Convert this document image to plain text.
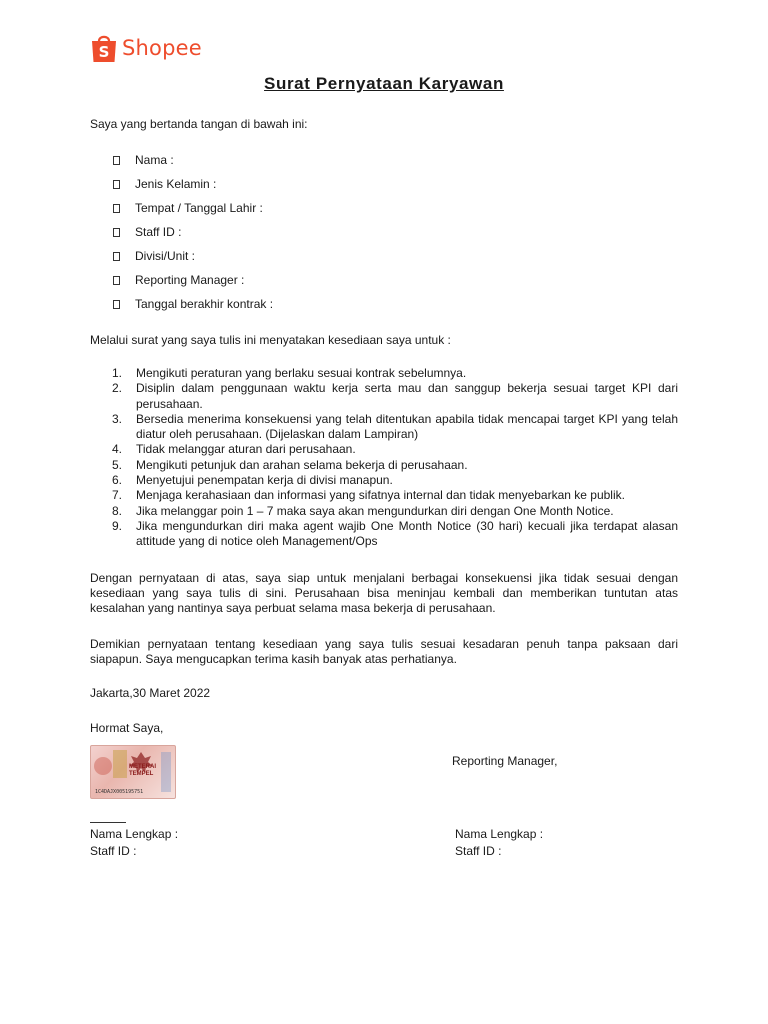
S Shopee
Surat Pernyataan Karyawan
Saya yang bertanda tangan di bawah ini:
Nama :
Jenis Kelamin :
Tempat / Tanggal Lahir :
Staff ID :
Divisi/Unit :
Reporting Manager :
Tanggal berakhir kontrak :
Melalui surat yang saya tulis ini menyatakan kesediaan saya untuk :
1.	Mengikuti peraturan yang berlaku sesuai kontrak sebelumnya.
2.	Disiplin dalam penggunaan waktu kerja serta mau dan sanggup bekerja sesuai target KPI dari perusahaan.
3.	Bersedia menerima konsekuensi yang telah ditentukan apabila tidak mencapai target KPI yang telah diatur oleh perusahaan. (Dijelaskan dalam Lampiran)
4.	Tidak melanggar aturan dari perusahaan.
5.	Mengikuti petunjuk dan arahan selama bekerja di perusahaan.
6.	Menyetujui penempatan kerja di divisi manapun.
7.	Menjaga kerahasiaan dan informasi yang sifatnya internal dan tidak menyebarkan ke publik.
8.	Jika melanggar poin 1 – 7 maka saya akan mengundurkan diri dengan One Month Notice.
9.	Jika mengundurkan diri maka agent wajib One Month Notice (30 hari) kecuali jika terdapat alasan attitude yang di notice oleh Management/Ops
Dengan pernyataan di atas, saya siap untuk menjalani berbagai konsekuensi jika tidak sesuai dengan kesediaan yang saya tulis di sini. Perusahaan bisa meninjau kembali dan memberikan tuntutan atas kesalahan yang nantinya saya perbuat selama masa bekerja di perusahaan.
Demikian pernyataan tentang kesediaan yang saya tulis sesuai kesadaran penuh tanpa paksaan dari siapapun. Saya mengucapkan terima kasih banyak atas perhatianya.
Jakarta,30 Maret 2022
Hormat Saya,
METERAI
TEMPEL
1C4DAJX005195751
Reporting Manager,
Nama Lengkap :
Staff ID :
Nama Lengkap :
Staff ID :
